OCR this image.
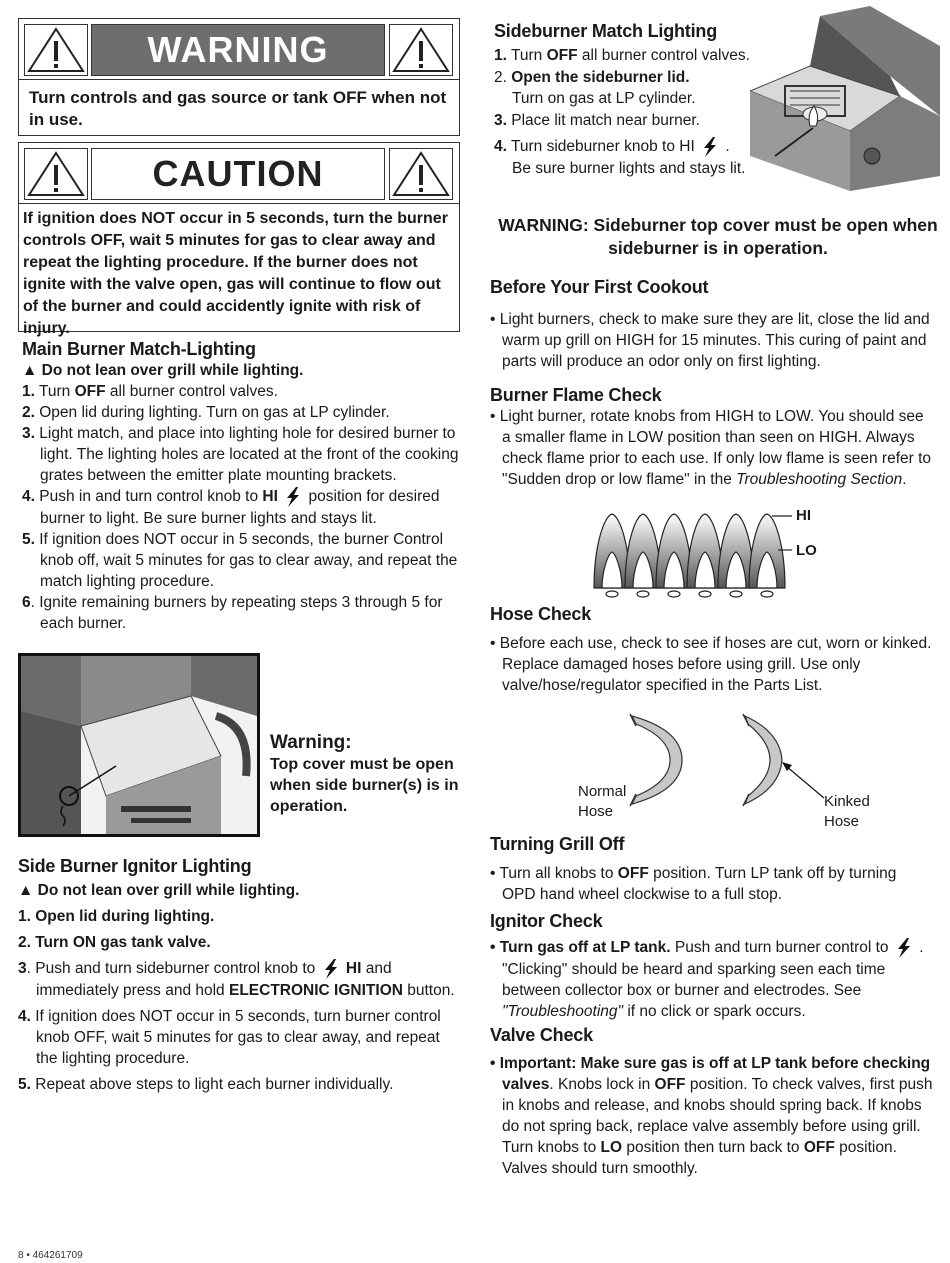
WARNING

Turn controls and gas source or tank OFF when not in use.

CAUTION

If ignition does NOT occur in 5 seconds, turn the burner controls OFF, wait 5 minutes for gas to clear away and repeat the lighting procedure. If the burner does not ignite with the valve open, gas will continue to flow out of the burner and could accidently ignite with risk of injury.

Main Burner Match-Lighting

▲ Do not lean over grill while lighting.

1. Turn OFF all burner control valves.

2. Open lid during lighting. Turn on gas at LP cylinder.

3. Light match, and place into lighting hole for desired burner to light. The lighting holes are located at the front of the cooking grates between the emitter plate mounting brackets.

4. Push in and turn control knob to HI  position for desired burner to light. Be sure burner lights and stays lit.

5. If ignition does NOT occur in 5 seconds, the burner Control knob off, wait 5 minutes for gas to clear away, and repeat the match lighting procedure.

6. Ignite remaining burners by repeating steps 3 through 5 for each burner.

Warning:

Top cover must be open when side burner(s) is in operation.

Side Burner Ignitor Lighting

▲ Do not lean over grill while lighting.

1. Open lid during lighting.

2. Turn ON gas tank valve.

3. Push and turn sideburner control knob to  HI and immediately press and hold ELECTRONIC IGNITION button.

4. If ignition does NOT occur in 5 seconds, turn burner control knob OFF, wait 5 minutes for gas to clear away, and repeat the lighting procedure.

5. Repeat above steps to light each burner individually.

Sideburner Match Lighting

1. Turn OFF all burner control valves.

2. Open the sideburner lid.
Turn on gas at LP cylinder.

3. Place lit match near burner.

4. Turn sideburner knob to HI .
Be sure burner lights and stays lit.

WARNING: Sideburner top cover must be open when sideburner is in operation.

Before Your First Cookout

• Light burners, check to make sure they are lit, close the lid and warm up grill on HIGH for 15 minutes. This curing of paint and parts will produce an odor only on first lighting.

Burner Flame Check

• Light burner, rotate knobs from HIGH to LOW. You should see a smaller flame in LOW position than seen on HIGH. Always check flame prior to each use. If only low flame is seen refer to "Sudden drop or low flame" in the Troubleshooting Section.

HI
LO

Hose Check

• Before each use, check to see if hoses are cut, worn or kinked. Replace damaged hoses before using grill. Use only valve/hose/regulator specified in the Parts List.

Normal
Hose
Kinked
Hose

Turning Grill Off

• Turn all knobs to OFF position. Turn LP tank off by turning OPD hand wheel clockwise to a full stop.

Ignitor Check

• Turn gas off at LP tank. Push and turn burner control to  . "Clicking" should be heard and sparking seen each time between collector box or burner and electrodes. See "Troubleshooting" if no click or spark occurs.

Valve Check

• Important: Make sure gas is off at LP tank before checking valves. Knobs lock in OFF position. To check valves, first push in knobs and release, and knobs should spring back. If knobs do not spring back, replace valve assembly before using grill. Turn knobs to LO position then turn back to OFF position. Valves should turn smoothly.

8 • 464261709
